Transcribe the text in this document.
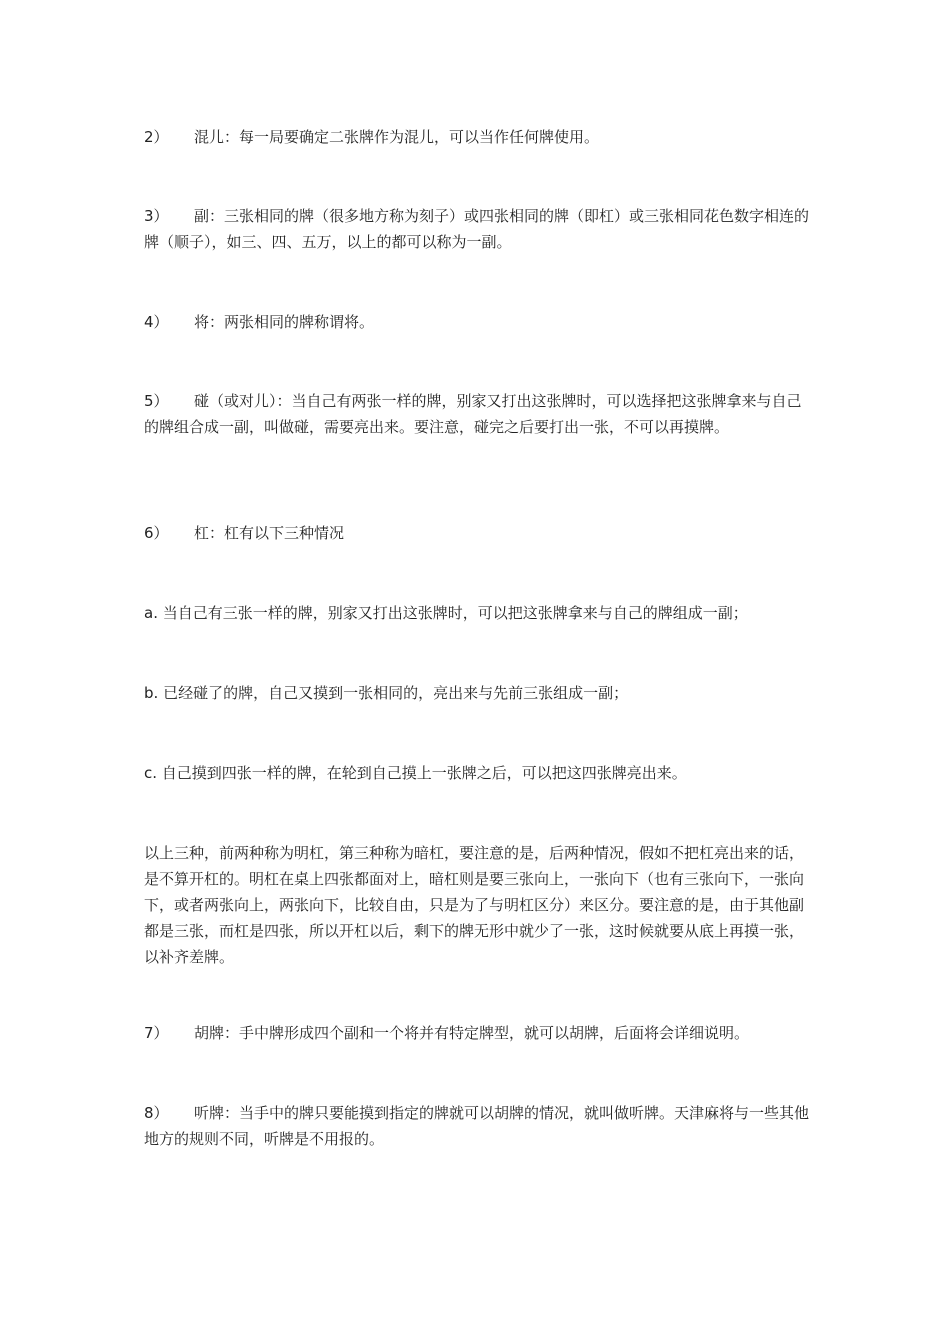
2） 混儿：每一局要确定二张牌作为混儿，可以当作任何牌使用。

3） 副：三张相同的牌（很多地方称为刻子）或四张相同的牌（即杠）或三张相同花色数字相连的牌（顺子），如三、四、五万，以上的都可以称为一副。

4） 将：两张相同的牌称谓将。

5） 碰（或对儿）：当自己有两张一样的牌，别家又打出这张牌时，可以选择把这张牌拿来与自己的牌组合成一副，叫做碰，需要亮出来。要注意，碰完之后要打出一张，不可以再摸牌。

6） 杠：杠有以下三种情况

a. 当自己有三张一样的牌，别家又打出这张牌时，可以把这张牌拿来与自己的牌组成一副；

b. 已经碰了的牌，自己又摸到一张相同的，亮出来与先前三张组成一副；

c. 自己摸到四张一样的牌，在轮到自己摸上一张牌之后，可以把这四张牌亮出来。

以上三种，前两种称为明杠，第三种称为暗杠，要注意的是，后两种情况，假如不把杠亮出来的话，是不算开杠的。明杠在桌上四张都面对上，暗杠则是要三张向上，一张向下（也有三张向下，一张向下，或者两张向上，两张向下，比较自由，只是为了与明杠区分）来区分。要注意的是，由于其他副都是三张，而杠是四张，所以开杠以后，剩下的牌无形中就少了一张，这时候就要从底上再摸一张，以补齐差牌。

7） 胡牌：手中牌形成四个副和一个将并有特定牌型，就可以胡牌，后面将会详细说明。

8） 听牌：当手中的牌只要能摸到指定的牌就可以胡牌的情况，就叫做听牌。天津麻将与一些其他地方的规则不同，听牌是不用报的。
